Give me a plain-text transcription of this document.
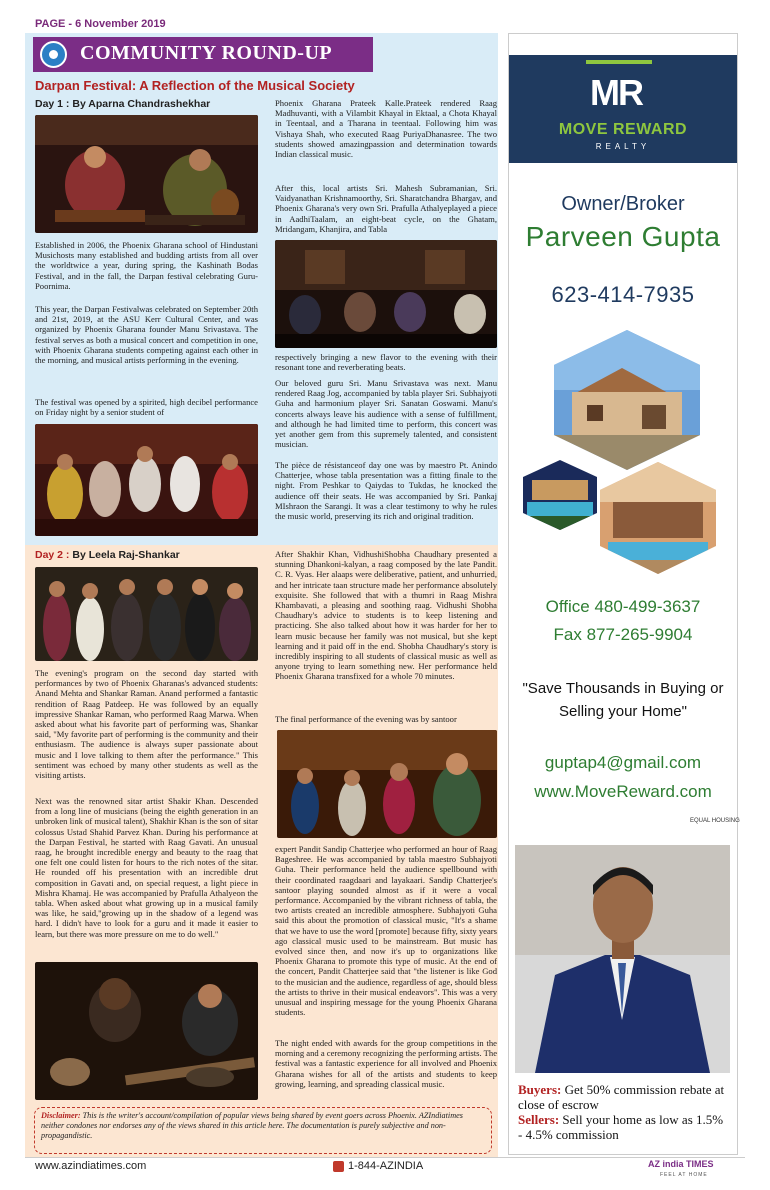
PAGE - 6 November 2019
COMMUNITY ROUND-UP
Darpan Festival: A Reflection of the Musical Society
Day 1 : By Aparna Chandrashekhar
Established in 2006, the Phoenix Gharana school of Hindustani Musichosts many established and budding artists from all over the worldtwice a year, during spring, the Kashinath Bodas Festival, and in the fall, the Darpan festival celebrating Guru-Poornima.
This year, the Darpan Festivalwas celebrated on September 20th and 21st, 2019, at the ASU Kerr Cultural Center, and was organized by Phoenix Gharana founder Manu Srivastava. The festival serves as both a musical concert and competition in one, with Phoenix Gharana students competing against each other in the morning, and musical artists performing in the evening.
The festival was opened by a spirited, high decibel performance on Friday night by a senior student of
Phoenix Gharana Prateek Kalle.Prateek rendered Raag Madhuvanti, with a Vilambit Khayal in Ektaal, a Chota Khayal in Teentaal, and a Tharana in teentaal. Following him was Vishaya Shah, who executed Raag PuriyaDhanasree. The two students showed amazingpassion and determination towards Indian classical music.
After this, local artists Sri. Mahesh Subramanian, Sri. Vaidyanathan Krishnamoorthy, Sri. Sharatchandra Bhargav, and Phoenix Gharana's very own Sri. Prafulla Athalyeplayed a piece in AadhiTaalam, an eight-beat cycle, on the Ghatam, Mridangam, Khanjira, and Tabla
respectively bringing a new flavor to the evening with their resonant tone and reverberating beats.
Our beloved guru Sri. Manu Srivastava was next. Manu rendered Raag Jog, accompanied by tabla player Sri. Subhajyoti Guha and harmonium player Sri. Sanatan Goswami. Manu's concerts always leave his audience with a sense of fulfillment, and although he had limited time to perform, this concert was yet another gem from this supremely talented, and consistent musician.
The pièce de résistanceof day one was by maestro Pt. Anindo Chatterjee, whose tabla presentation was a fitting finale to the night. From Peshkar to Qaiydas to Tukdas, he knocked the audience off their seats. He was accompanied by Sri. Pankaj MIshraon the Sarangi. It was a clear testimony to why he rules the music world, preserving its rich and original tradition.
Day 2 : By Leela Raj-Shankar
The evening's program on the second day started with performances by two of Phoenix Gharanas's advanced students: Anand Mehta and Shankar Raman. Anand performed a fantastic rendition of Raag Patdeep. He was followed by an equally impressive Shankar Raman, who performed Raag Marwa. When asked about what his favorite part of performing was, Shankar said, "My favorite part of performing is the community and their enthusiasm. The audience is always super passionate about music and I love talking to them after the performance." This sentiment was echoed by many other students as well as the visiting artists.
Next was the renowned sitar artist Shakir Khan. Descended from a long line of musicians (being the eighth generation in an unbroken link of musical talent), Shakhir Khan is the son of sitar colossus Ustad Shahid Parvez Khan. During his performance at the Darpan Festival, he started with Raag Gavati. An unusual raag, he brought incredible energy and beauty to the raag that one felt one could listen for hours to the rich notes of the sitar. He rounded off his presentation with an incredible drut composition in Gavati and, on special request, a light piece in Mishra Khamaj. He was accompanied by Prafulla Athalyeon the tabla. When asked about what growing up in a musical family was like, he said,"growing up in the shadow of a legend was hard. I didn't have to look for a guru and it made it easier to learn, but there was more pressure on me to do well."
After Shakhir Khan, VidhushiShobha Chaudhary presented a stunning Dhankoni-kalyan, a raag composed by the late Pandit. C. R. Vyas. Her alaaps were deliberative, patient, and unhurried, and her intricate taan structure made her performance absolutely exquisite. She followed that with a thumri in Raag Mishra Khambavati, a pleasing and soothing raag. Vidhushi Shobha Chaudhary's advice to students is to keep listening and practicing. She also talked about how it was harder for her to learn music because her family was not musical, but she kept learning and it paid off in the end. Shobha Chaudhary's story is incredibly inspiring to all students of classical music as well as anyone trying to learn something new. Her performance held Phoenix Gharana transfixed for a whole 70 minutes.
The final performance of the evening was by santoor
expert Pandit Sandip Chatterjee who performed an hour of Raag Bageshree. He was accompanied by tabla maestro Subhajyoti Guha. Their performance held the audience spellbound with their coordinated raagdaari and layakaari. Sandip Chatterjee's santoor playing sounded almost as if it were a vocal performance. Accompanied by the vibrant richness of tabla, the two artists created an incredible atmosphere. Subhajyoti Guha said this about the promotion of classical music, "It's a shame that we have to use the word [promote] because fifty, sixty years ago classical music used to be mainstream. But music has evolved since then, and now it's up to organizations like Phoenix Gharana to promote this type of music. At the end of the concert, Pandit Chatterjee said that "the listener is like God to the musician and the audience, regardless of age, should bless the artists to thrive in their musical endeavors". This was a very unusual and inspiring message for the young Phoenix Gharana students.
The night ended with awards for the group competitions in the morning and a ceremony recognizing the performing artists. The festival was a fantastic experience for all involved and Phoenix Gharana wishes for all of the artists and students to keep growing, learning, and spreading classical music.
Disclaimer: This is the writer's account/compilation of popular views being shared by event goers across Phoenix. AZIndiatimes neither condones nor endorses any of the views shared in this article here. The documentation is purely subjective and non-propagandistic.
MR
MOVE REWARD
REALTY
Owner/Broker
Parveen Gupta
623-414-7935
Office 480-499-3637
Fax 877-265-9904
"Save Thousands in Buying or
Selling your Home"
guptap4@gmail.com
www.MoveReward.com
EQUAL HOUSING
Buyers: Get 50% commission rebate at close of escrow
Sellers: Sell your home as low as 1.5% - 4.5% commission
www.azindiatimes.com	1-844-AZINDIA	AZ india TIMES
FEEL AT HOME
